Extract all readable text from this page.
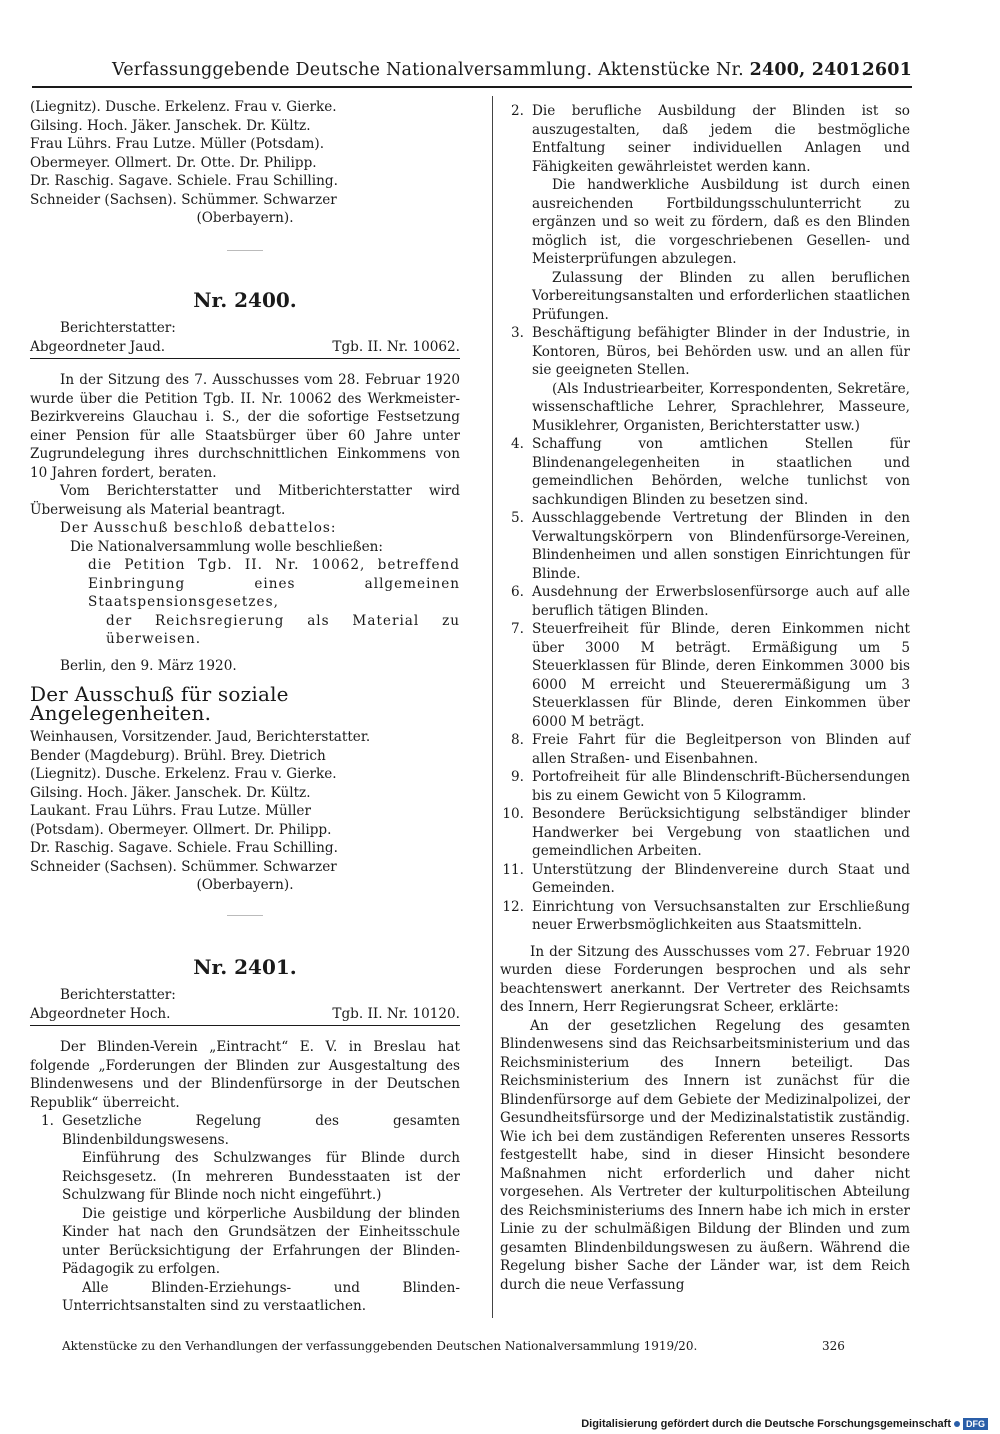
Verfassunggebende Deutsche Nationalversammlung. Aktenstücke Nr. 2400, 2401.
2601

(Liegnitz). Dusche. Erkelenz. Frau v. Gierke.

Gilsing. Hoch. Jäker. Janschek. Dr. Kültz.

Frau Lührs. Frau Lutze. Müller (Potsdam).

Obermeyer. Ollmert. Dr. Otte. Dr. Philipp.

Dr. Raschig. Sagave. Schiele. Frau Schilling.

Schneider (Sachsen). Schümmer. Schwarzer

(Oberbayern).

Nr. 2400.

Berichterstatter:

Abgeordneter Jaud.	Tgb. II. Nr. 10062.

In der Sitzung des 7. Ausschusses vom 28. Februar 1920 wurde über die Petition Tgb. II. Nr. 10062 des Werkmeister-Bezirkvereins Glauchau i. S., der die sofortige Festsetzung einer Pension für alle Staatsbürger über 60 Jahre unter Zugrundelegung ihres durchschnittlichen Einkommens von 10 Jahren fordert, beraten.

Vom Berichterstatter und Mitberichterstatter wird Überweisung als Material beantragt.

Der Ausschuß beschloß debattelos:

Die Nationalversammlung wolle beschließen:

die Petition Tgb. II. Nr. 10062, betreffend Einbringung eines allgemeinen Staatspensionsgesetzes,

der Reichsregierung als Material zu überweisen.

Berlin, den 9. März 1920.

Der Ausschuß für soziale Angelegenheiten.

Weinhausen, Vorsitzender. Jaud, Berichterstatter.

Bender (Magdeburg). Brühl. Brey. Dietrich

(Liegnitz). Dusche. Erkelenz. Frau v. Gierke.

Gilsing. Hoch. Jäker. Janschek. Dr. Kültz.

Laukant. Frau Lührs. Frau Lutze. Müller

(Potsdam). Obermeyer. Ollmert. Dr. Philipp.

Dr. Raschig. Sagave. Schiele. Frau Schilling.

Schneider (Sachsen). Schümmer. Schwarzer

(Oberbayern).

Nr. 2401.

Berichterstatter:

Abgeordneter Hoch.	Tgb. II. Nr. 10120.

Der Blinden-Verein „Eintracht“ E. V. in Breslau hat folgende „Forderungen der Blinden zur Ausgestaltung des Blindenwesens und der Blindenfürsorge in der Deutschen Republik“ überreicht.

1. Gesetzliche Regelung des gesamten Blindenbildungswesens.

Einführung des Schulzwanges für Blinde durch Reichsgesetz. (In mehreren Bundesstaaten ist der Schulzwang für Blinde noch nicht eingeführt.)

Die geistige und körperliche Ausbildung der blinden Kinder hat nach den Grundsätzen der Einheitsschule unter Berücksichtigung der Erfahrungen der Blinden-Pädagogik zu erfolgen.

Alle Blinden-Erziehungs- und Blinden-Unterrichtsanstalten sind zu verstaatlichen.

2. Die berufliche Ausbildung der Blinden ist so auszugestalten, daß jedem die bestmögliche Entfaltung seiner individuellen Anlagen und Fähigkeiten gewährleistet werden kann.

Die handwerkliche Ausbildung ist durch einen ausreichenden Fortbildungsschulunterricht zu ergänzen und so weit zu fördern, daß es den Blinden möglich ist, die vorgeschriebenen Gesellen- und Meisterprüfungen abzulegen.

Zulassung der Blinden zu allen beruflichen Vorbereitungsanstalten und erforderlichen staatlichen Prüfungen.

3. Beschäftigung befähigter Blinder in der Industrie, in Kontoren, Büros, bei Behörden usw. und an allen für sie geeigneten Stellen.

(Als Industriearbeiter, Korrespondenten, Sekretäre, wissenschaftliche Lehrer, Sprachlehrer, Masseure, Musiklehrer, Organisten, Berichterstatter usw.)

4. Schaffung von amtlichen Stellen für Blindenangelegenheiten in staatlichen und gemeindlichen Behörden, welche tunlichst von sachkundigen Blinden zu besetzen sind.
5. Ausschlaggebende Vertretung der Blinden in den Verwaltungskörpern von Blindenfürsorge-Vereinen, Blindenheimen und allen sonstigen Einrichtungen für Blinde.
6. Ausdehnung der Erwerbslosenfürsorge auch auf alle beruflich tätigen Blinden.
7. Steuerfreiheit für Blinde, deren Einkommen nicht über 3000 M beträgt. Ermäßigung um 5 Steuerklassen für Blinde, deren Einkommen 3000 bis 6000 M erreicht und Steuerermäßigung um 3 Steuerklassen für Blinde, deren Einkommen über 6000 M beträgt.
8. Freie Fahrt für die Begleitperson von Blinden auf allen Straßen- und Eisenbahnen.
9. Portofreiheit für alle Blindenschrift-Büchersendungen bis zu einem Gewicht von 5 Kilogramm.
10. Besondere Berücksichtigung selbständiger blinder Handwerker bei Vergebung von staatlichen und gemeindlichen Arbeiten.
11. Unterstützung der Blindenvereine durch Staat und Gemeinden.
12. Einrichtung von Versuchsanstalten zur Erschließung neuer Erwerbsmöglichkeiten aus Staatsmitteln.

In der Sitzung des Ausschusses vom 27. Februar 1920 wurden diese Forderungen besprochen und als sehr beachtenswert anerkannt. Der Vertreter des Reichsamts des Innern, Herr Regierungsrat Scheer, erklärte:

An der gesetzlichen Regelung des gesamten Blindenwesens sind das Reichsarbeitsministerium und das Reichsministerium des Innern beteiligt. Das Reichsministerium des Innern ist zunächst für die Blindenfürsorge auf dem Gebiete der Medizinalpolizei, der Gesundheitsfürsorge und der Medizinalstatistik zuständig. Wie ich bei dem zuständigen Referenten unseres Ressorts festgestellt habe, sind in dieser Hinsicht besondere Maßnahmen nicht erforderlich und daher nicht vorgesehen. Als Vertreter der kulturpolitischen Abteilung des Reichsministeriums des Innern habe ich mich in erster Linie zu der schulmäßigen Bildung der Blinden und zum gesamten Blindenbildungswesen zu äußern. Während die Regelung bisher Sache der Länder war, ist dem Reich durch die neue Verfassung

Aktenstücke zu den Verhandlungen der verfassunggebenden Deutschen Nationalversammlung 1919/20.	326
Digitalisierung gefördert durch die Deutsche Forschungsgemeinschaft	DFG
